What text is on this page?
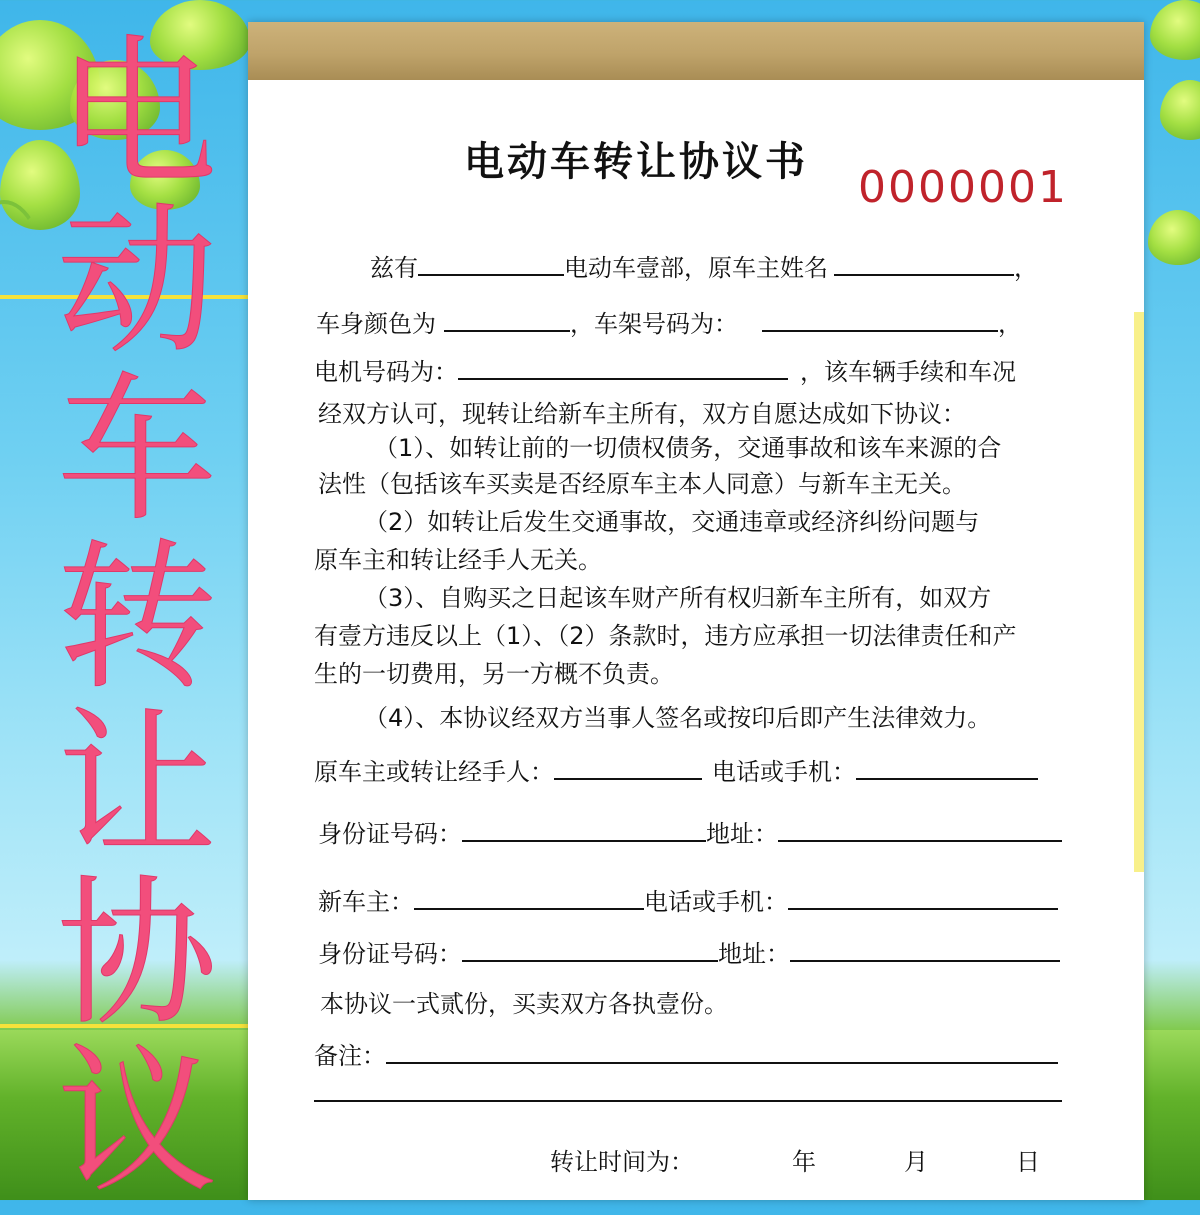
电
动
车
转
让
协
议
电动车转让协议书 0000001
兹有	电动车壹部，原车主姓名	，
车身颜色为	，车架号码为：	，
电机号码为：	，该车辆手续和车况
经双方认可，现转让给新车主所有，双方自愿达成如下协议：
（1）、如转让前的一切债权债务，交通事故和该车来源的合
法性（包括该车买卖是否经原车主本人同意）与新车主无关。
（2）如转让后发生交通事故，交通违章或经济纠纷问题与
原车主和转让经手人无关。
（3）、自购买之日起该车财产所有权归新车主所有，如双方
有壹方违反以上（1）、（2）条款时，违方应承担一切法律责任和产
生的一切费用，另一方概不负责。
（4）、本协议经双方当事人签名或按印后即产生法律效力。
原车主或转让经手人：	电话或手机：
身份证号码：	地址：
新车主：	电话或手机：
身份证号码：	地址：
本协议一式贰份，买卖双方各执壹份。
备注：
转让时间为：	年	月	日
